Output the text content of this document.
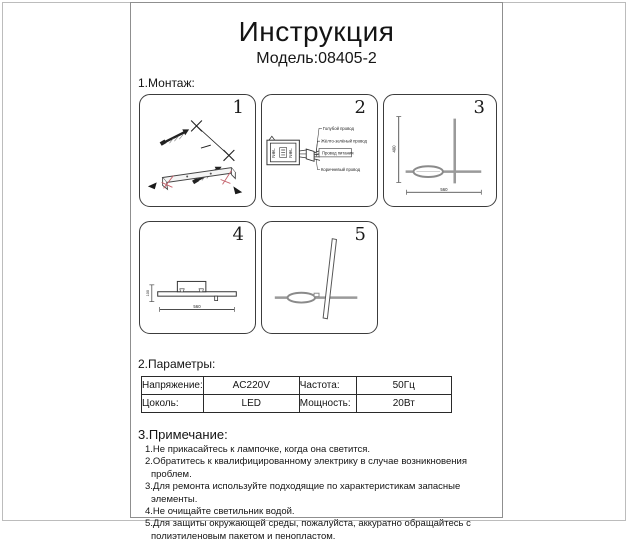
Инструкция
Модель:08405-2
1.Монтаж:
1
N⊕L	N⊕L
Голубой провод
Жёлто-зелёный провод
Провод питания
Коричневый провод
2
400
560
3
100
560
4	5
2.Параметры:
Напряжение:	AC220V	Частота:	50Гц
Цоколь:	LED	Мощность:	20Вт
3.Примечание:
1.Не прикасайтесь к лампочке, когда она светится.
2.Обратитесь к квалифицированному электрику в случае возникновения проблем.
3.Для ремонта используйте подходящие по характеристикам запасные элементы.
4.Не очищайте светильник водой.
5.Для защиты окружающей среды, пожалуйста, аккуратно обращайтесь с полиэтиленовым пакетом и пенопластом.
